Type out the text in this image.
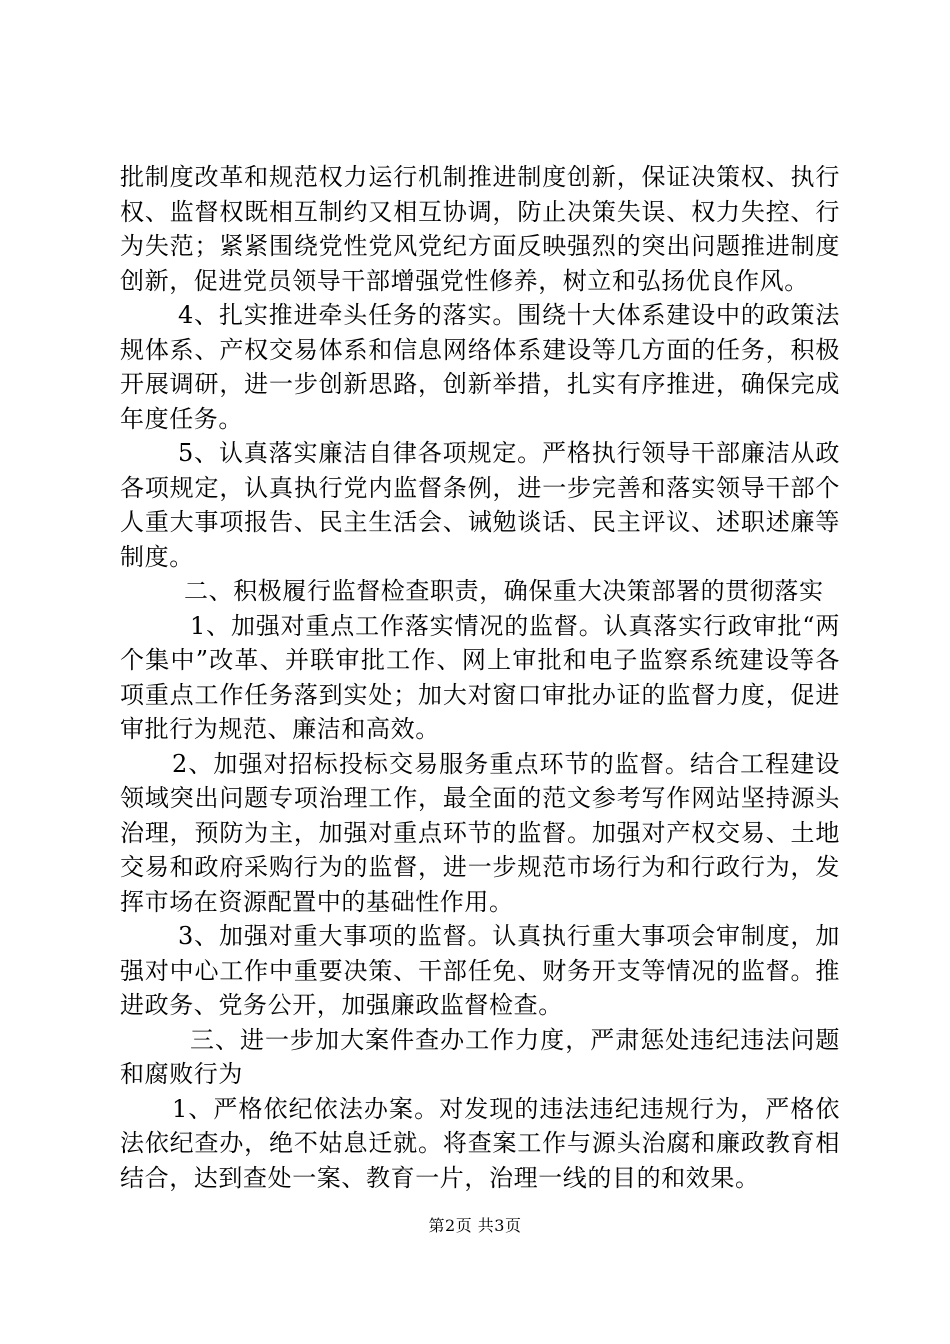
批制度改革和规范权力运行机制推进制度创新，保证决策权、执行权、监督权既相互制约又相互协调，防止决策失误、权力失控、行为失范；紧紧围绕党性党风党纪方面反映强烈的突出问题推进制度创新，促进党员领导干部增强党性修养，树立和弘扬优良作风。

4、扎实推进牵头任务的落实。围绕十大体系建设中的政策法规体系、产权交易体系和信息网络体系建设等几方面的任务，积极开展调研，进一步创新思路，创新举措，扎实有序推进，确保完成年度任务。

5、认真落实廉洁自律各项规定。严格执行领导干部廉洁从政各项规定，认真执行党内监督条例，进一步完善和落实领导干部个人重大事项报告、民主生活会、诫勉谈话、民主评议、述职述廉等制度。

二、积极履行监督检查职责，确保重大决策部署的贯彻落实

1、加强对重点工作落实情况的监督。认真落实行政审批“两个集中”改革、并联审批工作、网上审批和电子监察系统建设等各项重点工作任务落到实处；加大对窗口审批办证的监督力度，促进审批行为规范、廉洁和高效。

2、加强对招标投标交易服务重点环节的监督。结合工程建设领域突出问题专项治理工作，最全面的范文参考写作网站坚持源头治理，预防为主，加强对重点环节的监督。加强对产权交易、土地交易和政府采购行为的监督，进一步规范市场行为和行政行为，发挥市场在资源配置中的基础性作用。

3、加强对重大事项的监督。认真执行重大事项会审制度，加强对中心工作中重要决策、干部任免、财务开支等情况的监督。推进政务、党务公开，加强廉政监督检查。

三、进一步加大案件查办工作力度，严肃惩处违纪违法问题和腐败行为

1、严格依纪依法办案。对发现的违法违纪违规行为，严格依法依纪查办，绝不姑息迁就。将查案工作与源头治腐和廉政教育相结合，达到查处一案、教育一片，治理一线的目的和效果。

第2页 共3页
